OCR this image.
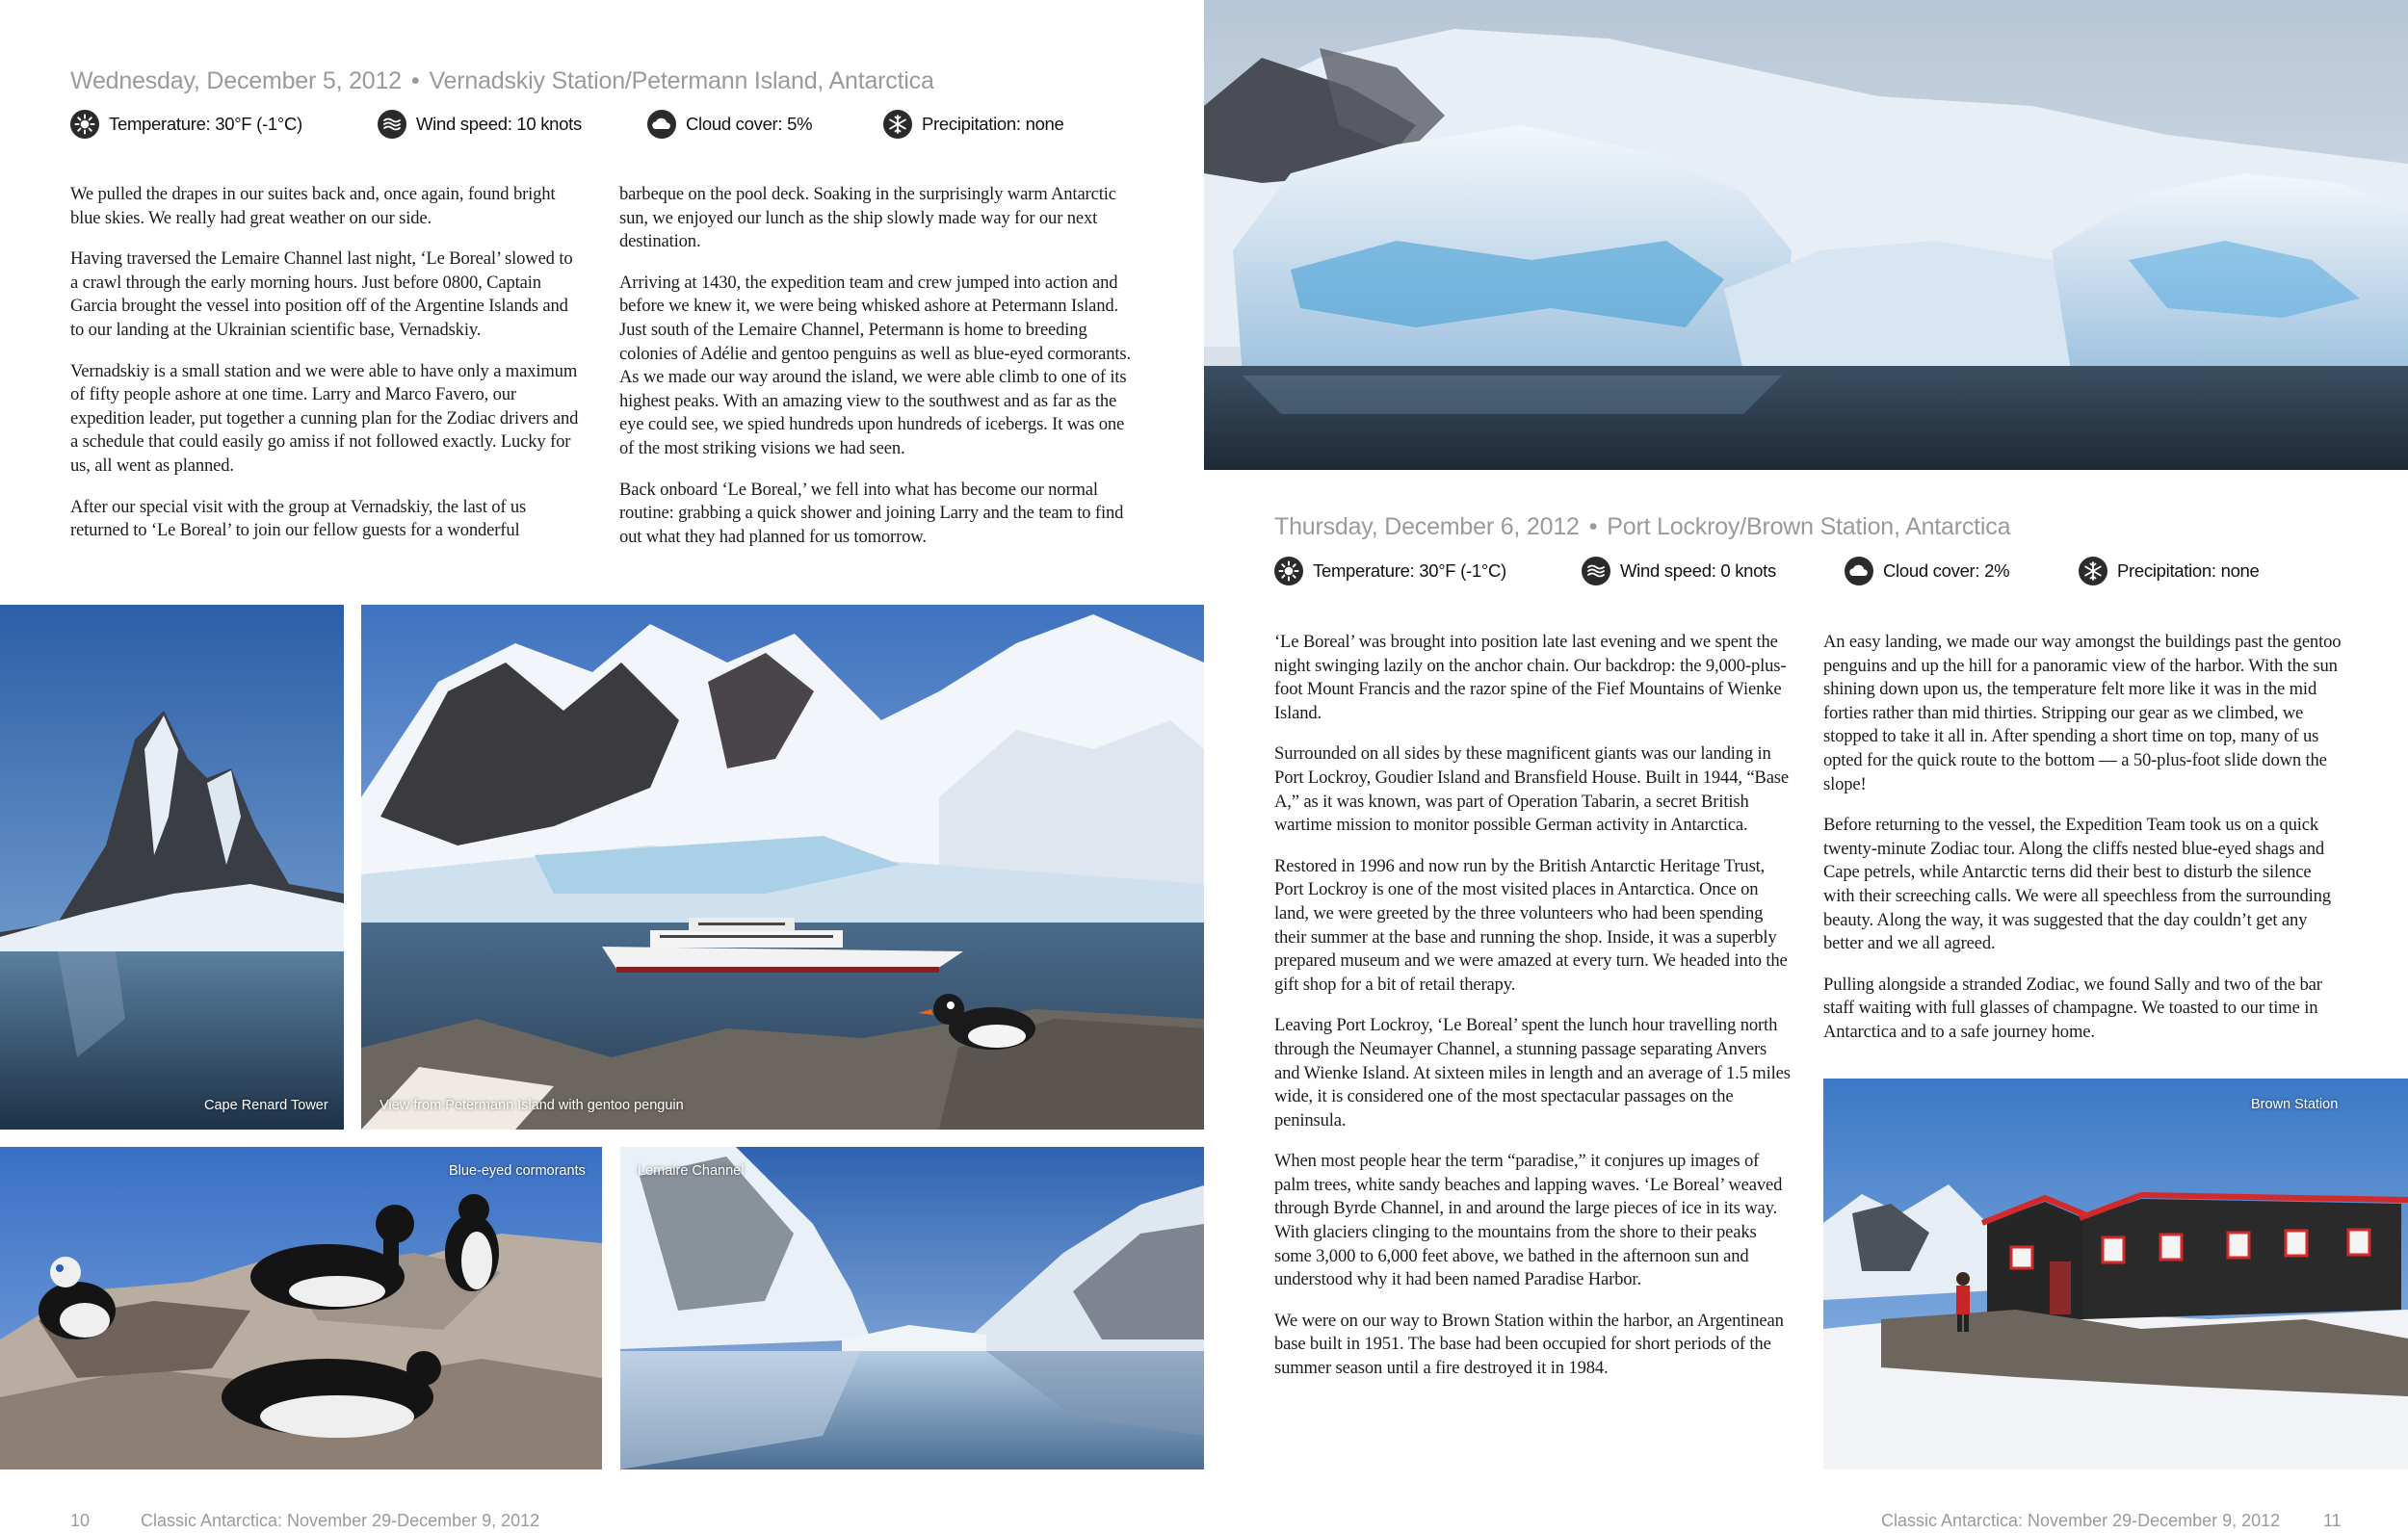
Wednesday, December 5, 2012 • Vernadskiy Station/Petermann Island, Antarctica
Temperature: 30°F (-1°C)	Wind speed: 10 knots	Cloud cover: 5%	Precipitation: none

We pulled the drapes in our suites back and, once again, found bright blue skies. We really had great weather on our side.

Having traversed the Lemaire Channel last night, ‘Le Boreal’ slowed to a crawl through the early morning hours. Just before 0800, Captain Garcia brought the vessel into position off of the Argentine Islands and to our landing at the Ukrainian scientific base, Vernadskiy.

Vernadskiy is a small station and we were able to have only a maximum of fifty people ashore at one time. Larry and Marco Favero, our expedition leader, put together a cunning plan for the Zodiac drivers and a schedule that could easily go amiss if not followed exactly. Lucky for us, all went as planned.

After our special visit with the group at Vernadskiy, the last of us returned to ‘Le Boreal’ to join our fellow guests for a wonderful

barbeque on the pool deck. Soaking in the surprisingly warm Antarctic sun, we enjoyed our lunch as the ship slowly made way for our next destination.

Arriving at 1430, the expedition team and crew jumped into action and before we knew it, we were being whisked ashore at Petermann Island. Just south of the Lemaire Channel, Petermann is home to breeding colonies of Adélie and gentoo penguins as well as blue-eyed cormorants. As we made our way around the island, we were able climb to one of its highest peaks. With an amazing view to the southwest and as far as the eye could see, we spied hundreds upon hundreds of icebergs. It was one of the most striking visions we had seen.

Back onboard ‘Le Boreal,’ we fell into what has become our normal routine: grabbing a quick shower and joining Larry and the team to find out what they had planned for us tomorrow.

Cape Renard Tower	View from Petermann Island with gentoo penguin
Blue-eyed cormorants	Lemaire Channel
10	Classic Antarctica: November 29-December 9, 2012
Thursday, December 6, 2012 • Port Lockroy/Brown Station, Antarctica
Temperature: 30°F (-1°C)	Wind speed: 0 knots	Cloud cover: 2%	Precipitation: none

‘Le Boreal’ was brought into position late last evening and we spent the night swinging lazily on the anchor chain. Our backdrop: the 9,000-plus-foot Mount Francis and the razor spine of the Fief Mountains of Wienke Island.

Surrounded on all sides by these magnificent giants was our landing in Port Lockroy, Goudier Island and Bransfield House. Built in 1944, “Base A,” as it was known, was part of Operation Tabarin, a secret British wartime mission to monitor possible German activity in Antarctica.

Restored in 1996 and now run by the British Antarctic Heritage Trust, Port Lockroy is one of the most visited places in Antarctica. Once on land, we were greeted by the three volunteers who had been spending their summer at the base and running the shop. Inside, it was a superbly prepared museum and we were amazed at every turn. We headed into the gift shop for a bit of retail therapy.

Leaving Port Lockroy, ‘Le Boreal’ spent the lunch hour travelling north through the Neumayer Channel, a stunning passage separating Anvers and Wienke Island. At sixteen miles in length and an average of 1.5 miles wide, it is considered one of the most spectacular passages on the peninsula.

When most people hear the term “paradise,” it conjures up images of palm trees, white sandy beaches and lapping waves. ‘Le Boreal’ weaved through Byrde Channel, in and around the large pieces of ice in its way. With glaciers clinging to the mountains from the shore to their peaks some 3,000 to 6,000 feet above, we bathed in the afternoon sun and understood why it had been named Paradise Harbor.

We were on our way to Brown Station within the harbor, an Argentinean base built in 1951. The base had been occupied for short periods of the summer season until a fire destroyed it in 1984.

An easy landing, we made our way amongst the buildings past the gentoo penguins and up the hill for a panoramic view of the harbor. With the sun shining down upon us, the temperature felt more like it was in the mid forties rather than mid thirties. Stripping our gear as we climbed, we stopped to take it all in. After spending a short time on top, many of us opted for the quick route to the bottom — a 50-plus-foot slide down the slope!

Before returning to the vessel, the Expedition Team took us on a quick twenty-minute Zodiac tour. Along the cliffs nested blue-eyed shags and Cape petrels, while Antarctic terns did their best to disturb the silence with their screeching calls. We were all speechless from the surrounding beauty. Along the way, it was suggested that the day couldn’t get any better and we all agreed.

Pulling alongside a stranded Zodiac, we found Sally and two of the bar staff waiting with full glasses of champagne. We toasted to our time in Antarctica and to a safe journey home.

Brown Station
Classic Antarctica: November 29-December 9, 2012 11
